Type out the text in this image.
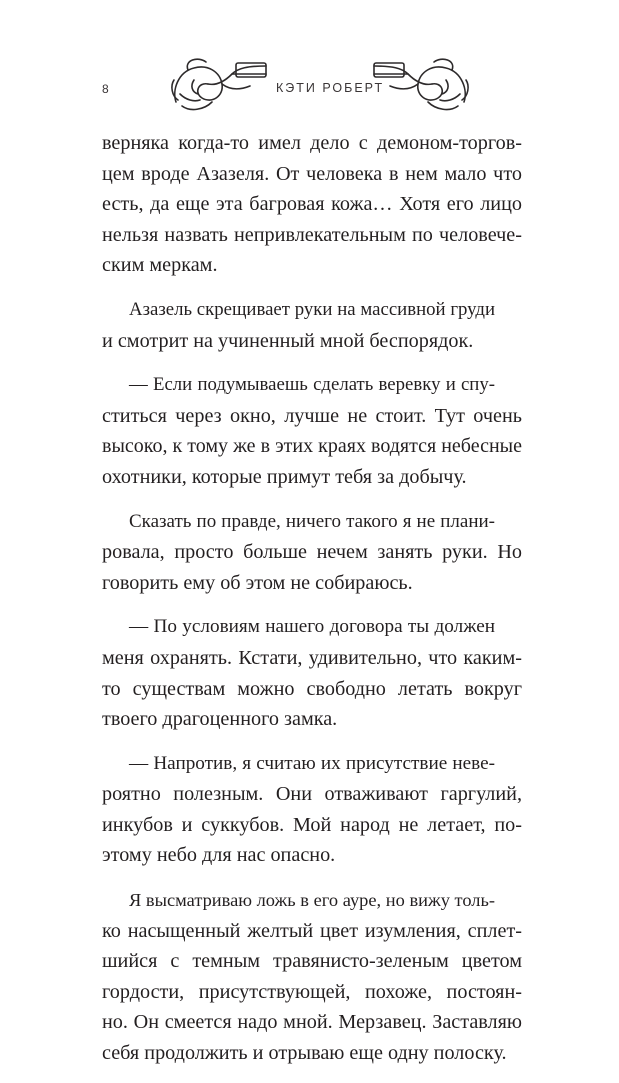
8	КЭТИ РОБЕРТ

верняка когда-то имел дело с демоном-торгов-
цем вроде Азазеля. От человека в нем мало что
есть, да еще эта багровая кожа… Хотя его лицо
нельзя назвать непривлекательным по человече-
ским меркам.

Азазель скрещивает руки на массивной груди
и смотрит на учиненный мной беспорядок.

— Если подумываешь сделать веревку и спу-
ститься через окно, лучше не стоит. Тут очень
высоко, к тому же в этих краях водятся небесные
охотники, которые примут тебя за добычу.

Сказать по правде, ничего такого я не плани-
ровала, просто больше нечем занять руки. Но
говорить ему об этом не собираюсь.

— По условиям нашего договора ты должен
меня охранять. Кстати, удивительно, что каким-
то существам можно свободно летать вокруг
твоего драгоценного замка.

— Напротив, я считаю их присутствие неве-
роятно полезным. Они отваживают гаргулий,
инкубов и суккубов. Мой народ не летает, по-
этому небо для нас опасно.

Я высматриваю ложь в его ауре, но вижу толь-
ко насыщенный желтый цвет изумления, сплет-
шийся с темным травянисто-зеленым цветом
гордости, присутствующей, похоже, постоян-
но. Он смеется надо мной. Мерзавец. Заставляю
себя продолжить и отрываю еще одну полоску.
